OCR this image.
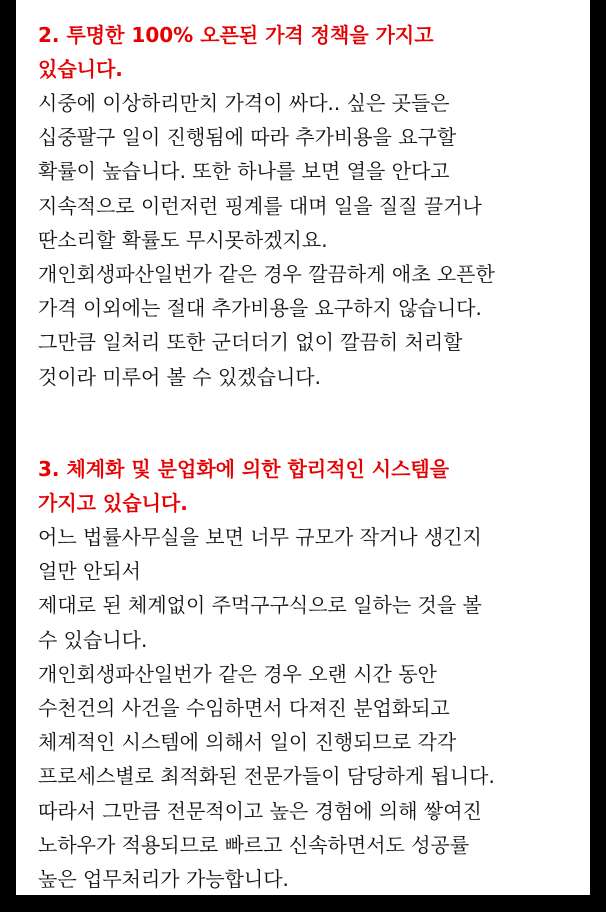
2. 투명한 100% 오픈된 가격 정책을 가지고

있습니다.

시중에 이상하리만치 가격이 싸다.. 싶은 곳들은

십중팔구 일이 진행됨에 따라 추가비용을 요구할

확률이 높습니다. 또한 하나를 보면 열을 안다고

지속적으로 이런저런 핑계를 대며 일을 질질 끌거나

딴소리할 확률도 무시못하겠지요.

개인회생파산일번가 같은 경우 깔끔하게 애초 오픈한

가격 이외에는 절대 추가비용을 요구하지 않습니다.

그만큼 일처리 또한 군더더기 없이 깔끔히 처리할

것이라 미루어 볼 수 있겠습니다.

3. 체계화 및 분업화에 의한 합리적인 시스템을

가지고 있습니다.

어느 법률사무실을 보면 너무 규모가 작거나 생긴지

얼만 안되서

제대로 된 체계없이 주먹구구식으로 일하는 것을 볼

수 있습니다.

개인회생파산일번가 같은 경우 오랜 시간 동안

수천건의 사건을 수임하면서 다져진 분업화되고

체계적인 시스템에 의해서 일이 진행되므로 각각

프로세스별로 최적화된 전문가들이 담당하게 됩니다.

따라서 그만큼 전문적이고 높은 경험에 의해 쌓여진

노하우가 적용되므로 빠르고 신속하면서도 성공률

높은 업무처리가 가능합니다.
